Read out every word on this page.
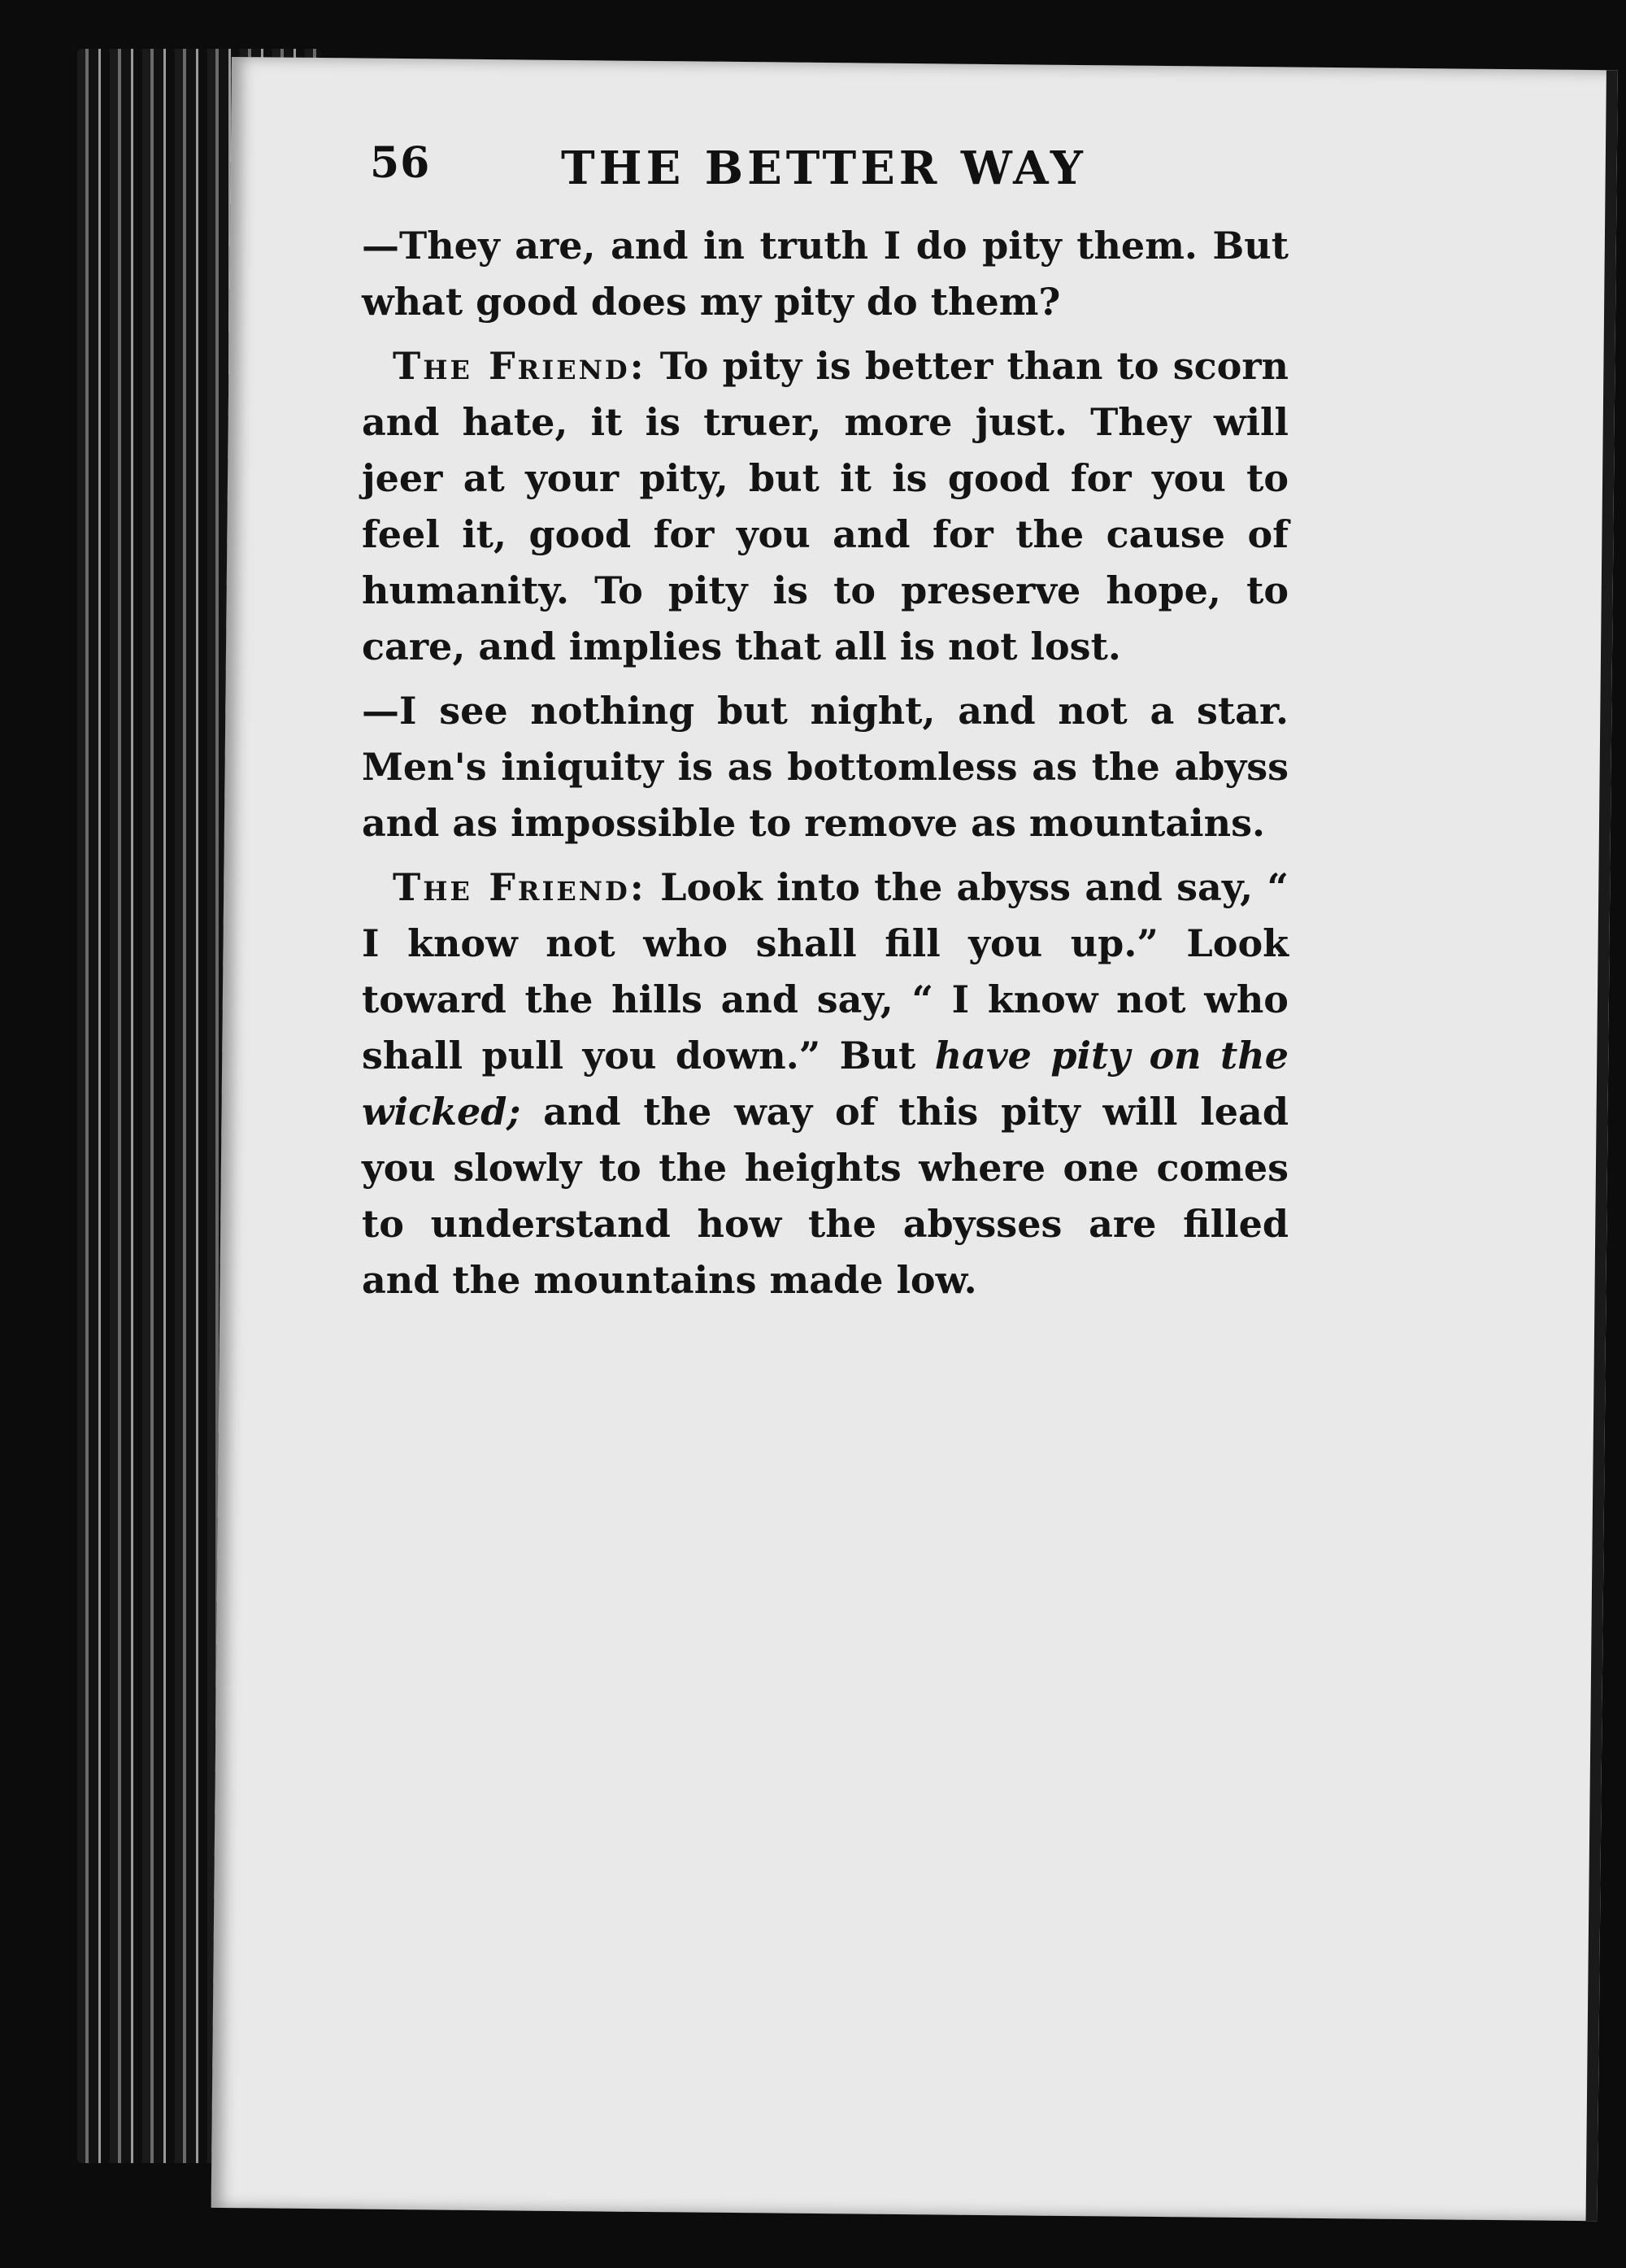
56	THE BETTER WAY

—They are, and in truth I do pity them. But what good does my pity do them?

The Friend: To pity is better than to scorn and hate, it is truer, more just. They will jeer at your pity, but it is good for you to feel it, good for you and for the cause of humanity. To pity is to preserve hope, to care, and implies that all is not lost.

—I see nothing but night, and not a star. Men's iniquity is as bottomless as the abyss and as impossible to remove as mountains.

The Friend: Look into the abyss and say, “ I know not who shall fill you up.” Look toward the hills and say, “ I know not who shall pull you down.” But have pity on the wicked; and the way of this pity will lead you slowly to the heights where one comes to understand how the abysses are filled and the mountains made low.
